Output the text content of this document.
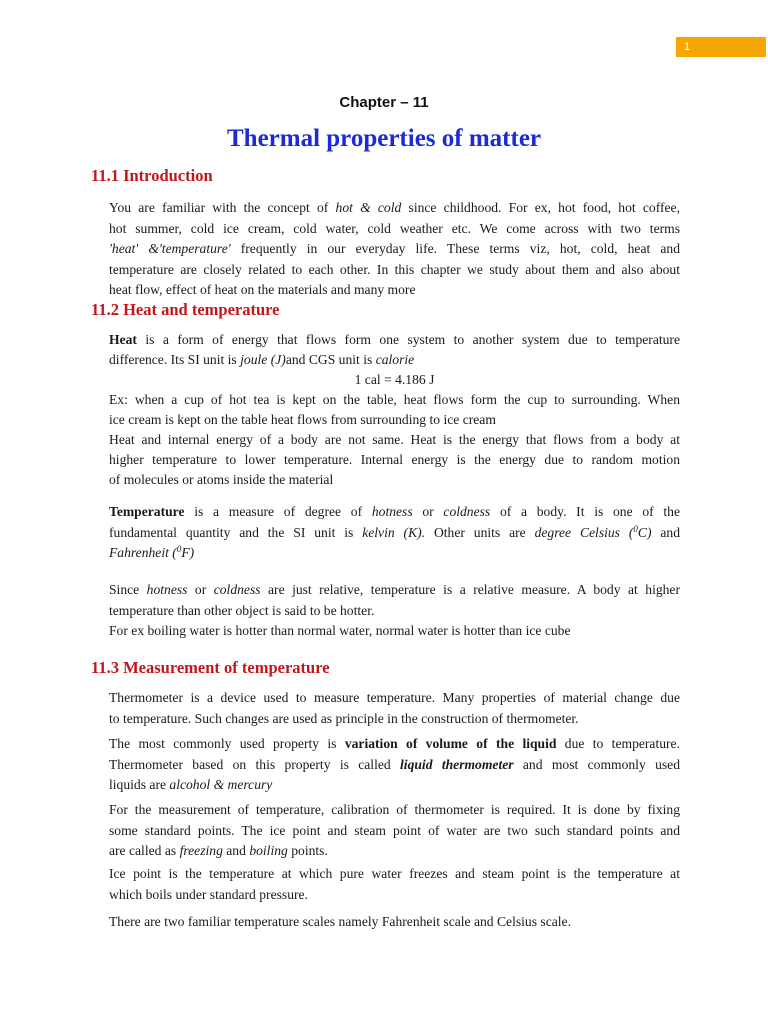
1
Chapter – 11
Thermal properties of matter
11.1 Introduction
You are familiar with the concept of hot & cold since childhood. For ex, hot food, hot coffee,
hot summer, cold ice cream, cold water, cold weather etc. We come across with two terms
'heat' &'temperature' frequently in our everyday life. These terms viz, hot, cold, heat and
temperature are closely related to each other. In this chapter we study about them and also about
heat flow, effect of heat on the materials and many more
11.2 Heat and temperature
Heat is a form of energy that flows form one system to another system due to temperature
difference. Its SI unit is joule (J)and CGS unit is calorie
1 cal = 4.186 J
Ex: when a cup of hot tea is kept on the table, heat flows form the cup to surrounding. When
ice cream is kept on the table heat flows from surrounding to ice cream
Heat and internal energy of a body are not same. Heat is the energy that flows from a body at
higher temperature to lower temperature. Internal energy is the energy due to random motion
of molecules or atoms inside the material
Temperature is a measure of degree of hotness or coldness of a body. It is one of the
fundamental quantity and the SI unit is kelvin (K). Other units are degree Celsius ($^0$C) and
Fahrenheit ($^0$F)
Since hotness or coldness are just relative, temperature is a relative measure. A body at higher
temperature than other object is said to be hotter.
For ex boiling water is hotter than normal water, normal water is hotter than ice cube
11.3 Measurement of temperature
Thermometer is a device used to measure temperature. Many properties of material change due
to temperature. Such changes are used as principle in the construction of thermometer.
The most commonly used property is variation of volume of the liquid due to temperature.
Thermometer based on this property is called liquid thermometer and most commonly used
liquids are alcohol & mercury
For the measurement of temperature, calibration of thermometer is required. It is done by fixing
some standard points. The ice point and steam point of water are two such standard points and
are called as freezing and boiling points.
Ice point is the temperature at which pure water freezes and steam point is the temperature at
which boils under standard pressure.
There are two familiar temperature scales namely Fahrenheit scale and Celsius scale.
